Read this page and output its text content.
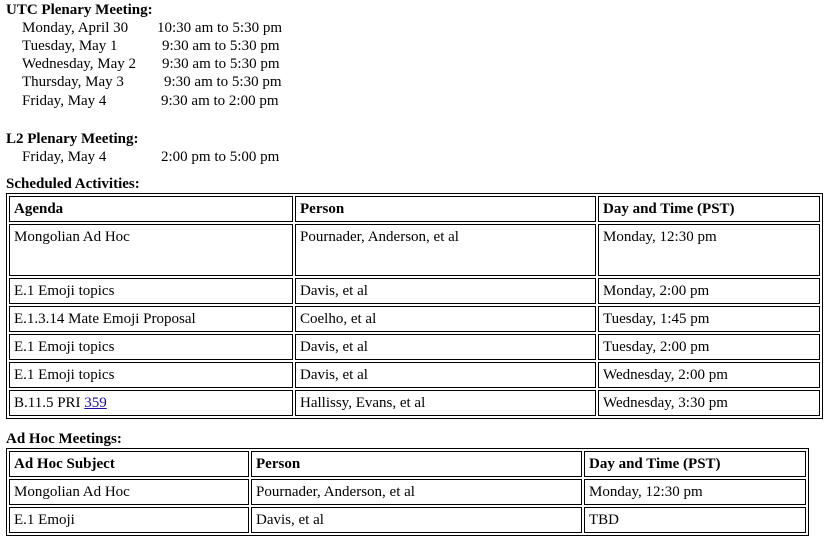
UTC Plenary Meeting:
Monday, April 30 10:30 am to 5:30 pm
Tuesday, May 1	9:30 am to 5:30 pm
Wednesday, May 2 9:30 am to 5:30 pm
Thursday, May 3	9:30 am to 5:30 pm
Friday, May 4	9:30 am to 2:00 pm
L2 Plenary Meeting:
Friday, May 4	2:00 pm to 5:00 pm
Scheduled Activities:
Agenda	Person	Day and Time (PST)
Mongolian Ad Hoc	Pournader, Anderson, et al	Monday, 12:30 pm
E.1 Emoji topics	Davis, et al	Monday, 2:00 pm
E.1.3.14 Mate Emoji Proposal	Coelho, et al	Tuesday, 1:45 pm
E.1 Emoji topics	Davis, et al	Tuesday, 2:00 pm
E.1 Emoji topics	Davis, et al	Wednesday, 2:00 pm
B.11.5 PRI 359	Hallissy, Evans, et al	Wednesday, 3:30 pm
Ad Hoc Meetings:
Ad Hoc Subject	Person	Day and Time (PST)
Mongolian Ad Hoc	Pournader, Anderson, et al	Monday, 12:30 pm
E.1 Emoji	Davis, et al	TBD
